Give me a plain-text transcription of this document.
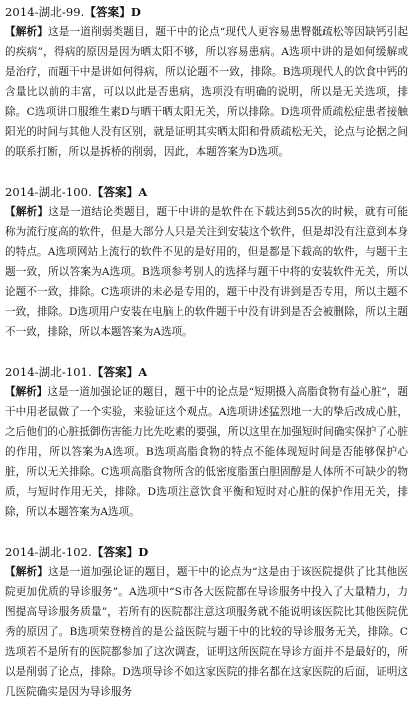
2014-湖北-99.【答案】D
【解析】这是一道削弱类题目，题干中的论点“现代人更容易患臀骶疏松等因缺钙引起的疾病”，得病的原因是因为晒太阳不够，所以容易患病。A选项中讲的是如何缓解或是治疗，而题干中是讲如何得病，所以论题不一致，排除。B选项现代人的饮食中钙的含量比以前的丰富，可以以此是否患病，选项没有明确的说明，所以是无关选项，排除。C选项讲口服维生素D与晒干晒太阳无关，所以排除。D选项骨质疏松症患者接触阳光的时间与其他人没有区别，就是证明其实晒太阳和骨质疏松无关，论点与论据之间的联系打断，所以是拆桥的削弱，因此，本题答案为D选项。
2014-湖北-100.【答案】A
【解析】这是一道结论类题目，题干中讲的是软件在下载达到55次的时候，就有可能称为流行度高的软件，但是大部分人只是关注到安装这个软件，但是却没有注意到本身的特点。A选项网站上流行的软件不见的是好用的，但是都是下载高的软件，与题干主题一致，所以答案为A选项。B选项参考别人的选择与题干中将的安装软件无关，所以论题不一致，排除。C选项讲的未必是专用的，题干中没有讲到是否专用，所以主题不一致，排除。D选项用户安装在电脑上的软件题干中没有讲到是否会被删除，所以主题不一致，排除，所以本题答案为A选项。
2014-湖北-101.【答案】A
【解析】这是一道加强论证的题目，题干中的论点是“短期摄入高脂食物有益心脏”，题干中用老鼠做了一个实验，来验证这个观点。A选项讲述猛烈地一大的挚后改成心脏，之后他们的心脏抵御伤害能力比先吃素的要强，所以这里在加强短时间确实保护了心脏的作用，所以答案为A选项。B选项高脂食物的特点不能体现短时间是否能够保护心脏，所以无关排除。C选项高脂食物所含的低密度脂蛋白胆固醇是人体所不可缺少的物质，与短时作用无关，排除。D选项注意饮食平衡和短时对心脏的保护作用无关，排除，所以本题答案为A选项。
2014-湖北-102.【答案】D
【解析】这是一道加强论证的题目，题干中的论点为“这是由于该医院提供了比其他医院更加优质的导诊服务”。A选项中“S市各大医院都在导诊服务中投入了大量精力，力图提高导诊服务质量”，若所有的医院都注意这项服务就不能说明该医院比其他医院优秀的原因了。B选项荣登榜首的是公益医院与题干中的比较的导诊服务无关，排除。C选项若不是所有的医院都参加了这次调查，证明这所医院在导诊方面并不是最好的，所以是削弱了论点，排除。D选项导诊不如这家医院的排名都在这家医院的后面，证明这几医院确实是因为导诊服务
